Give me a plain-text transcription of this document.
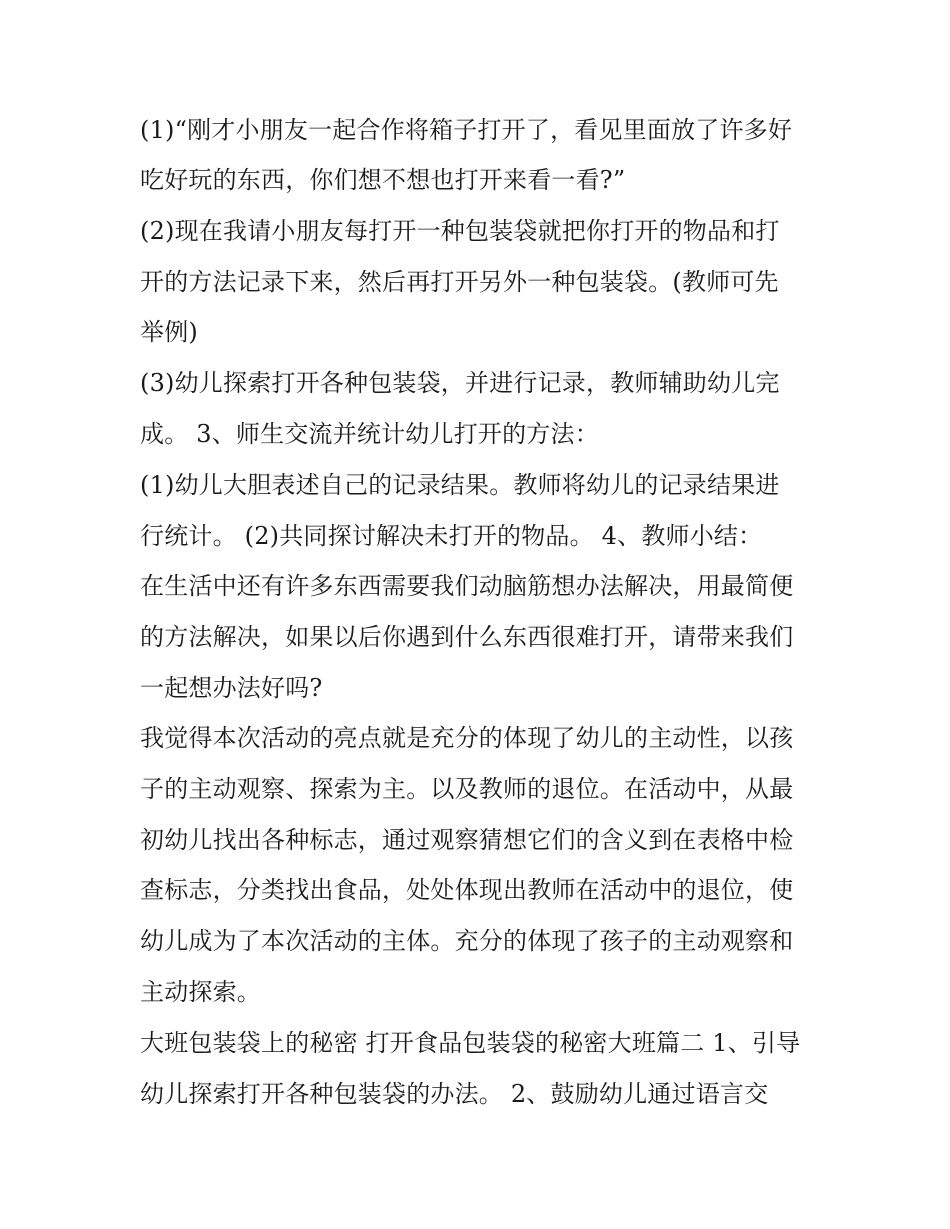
(1)“刚才小朋友一起合作将箱子打开了，看见里面放了许多好
吃好玩的东西，你们想不想也打开来看一看?”
(2)现在我请小朋友每打开一种包装袋就把你打开的物品和打
开的方法记录下来，然后再打开另外一种包装袋。(教师可先
举例)
(3)幼儿探索打开各种包装袋，并进行记录，教师辅助幼儿完
成。 3、师生交流并统计幼儿打开的方法：
(1)幼儿大胆表述自己的记录结果。教师将幼儿的记录结果进
行统计。 (2)共同探讨解决未打开的物品。 4、教师小结：
在生活中还有许多东西需要我们动脑筋想办法解决，用最简便
的方法解决，如果以后你遇到什么东西很难打开，请带来我们
一起想办法好吗?
我觉得本次活动的亮点就是充分的体现了幼儿的主动性，以孩
子的主动观察、探索为主。以及教师的退位。在活动中，从最
初幼儿找出各种标志，通过观察猜想它们的含义到在表格中检
查标志，分类找出食品，处处体现出教师在活动中的退位，使
幼儿成为了本次活动的主体。充分的体现了孩子的主动观察和
主动探索。
大班包装袋上的秘密 打开食品包装袋的秘密大班篇二 1、引导
幼儿探索打开各种包装袋的办法。 2、鼓励幼儿通过语言交
